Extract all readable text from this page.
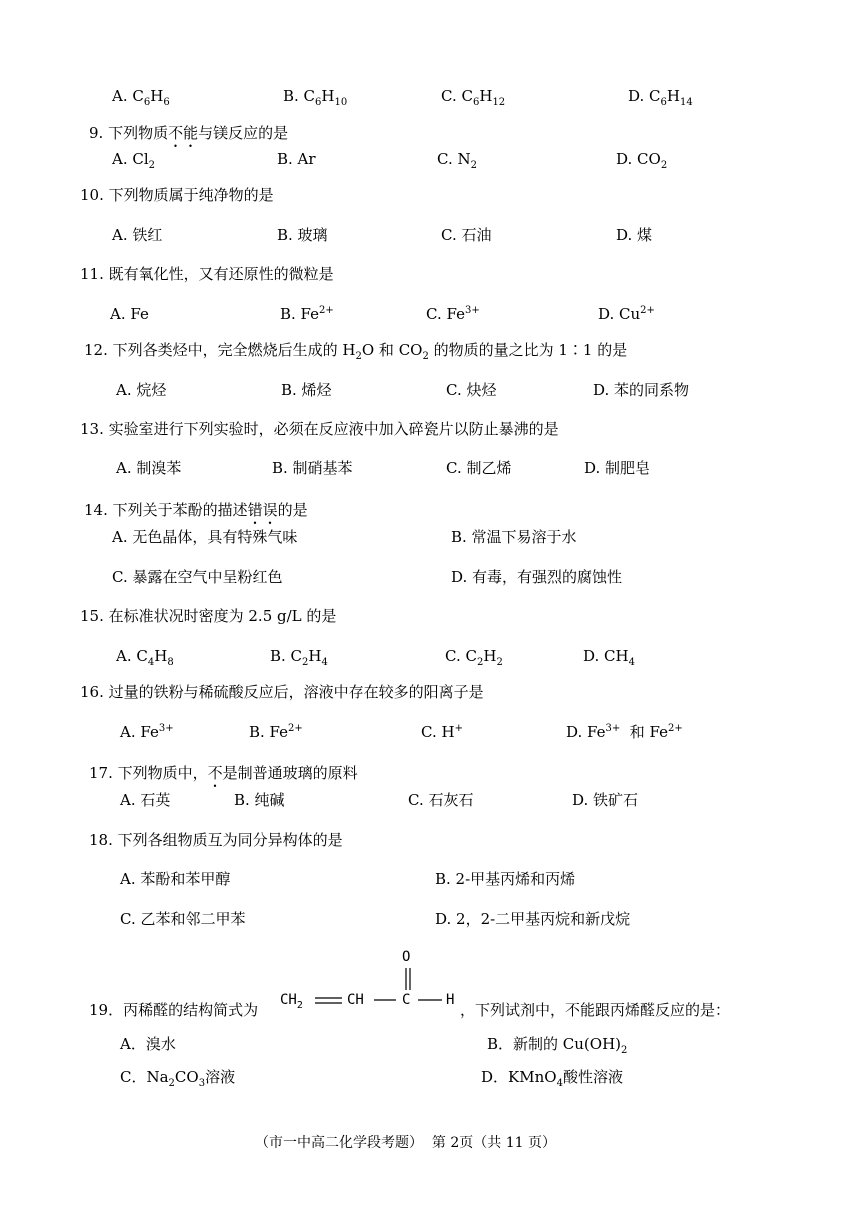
A. $C_6H_6$	B. $C_6H_{10}$	C. $C_6H_{12}$	D. $C_6H_{14}$
9. 下列物质不能与镁反应的是
A. $Cl_2$	B. Ar	C. $N_2$	D. $CO_2$
10. 下列物质属于纯净物的是
A. 铁红	B. 玻璃	C. 石油	D. 煤
11. 既有氧化性，又有还原性的微粒是
A. Fe	B. $Fe^{2+}$	C. $Fe^{3+}$	D. $Cu^{2+}$
12. 下列各类烃中，完全燃烧后生成的 $H_2O$ 和 $CO_2$ 的物质的量之比为 1∶1 的是
A. 烷烃	B. 烯烃	C. 炔烃	D. 苯的同系物
13. 实验室进行下列实验时，必须在反应液中加入碎瓷片以防止暴沸的是
A. 制溴苯	B. 制硝基苯	C. 制乙烯	D. 制肥皂
14. 下列关于苯酚的描述错误的是
A. 无色晶体，具有特殊气味	B. 常温下易溶于水
C. 暴露在空气中呈粉红色	D. 有毒，有强烈的腐蚀性
15. 在标准状况时密度为 2.5 g/L 的是
A. $C_4H_8$	B. $C_2H_4$	C. $C_2H_2$	D. $CH_4$
16. 过量的铁粉与稀硫酸反应后，溶液中存在较多的阳离子是
A. $Fe^{3+}$	B. $Fe^{2+}$	C. H+	D. $Fe^{3+}$  和 $Fe^{2+}$
17. 下列物质中，不是制普通玻璃的原料
A. 石英	B. 纯碱	C. 石灰石	D. 铁矿石
18. 下列各组物质互为同分异构体的是
A. 苯酚和苯甲醇	B. 2-甲基丙烯和丙烯
C. 乙苯和邻二甲苯	D. 2，2-二甲基丙烷和新戊烷
19．丙稀醛的结构简式为	，下列试剂中，不能跟丙烯醛反应的是：
O
$CH_2$	CH	C	H
A．溴水	B．新制的 $Cu(OH)_2$
C．$Na_2CO_3$溶液	D．KMnO$_4$酸性溶液
（市一中高二化学段考题）  第 2页（共 11 页）
